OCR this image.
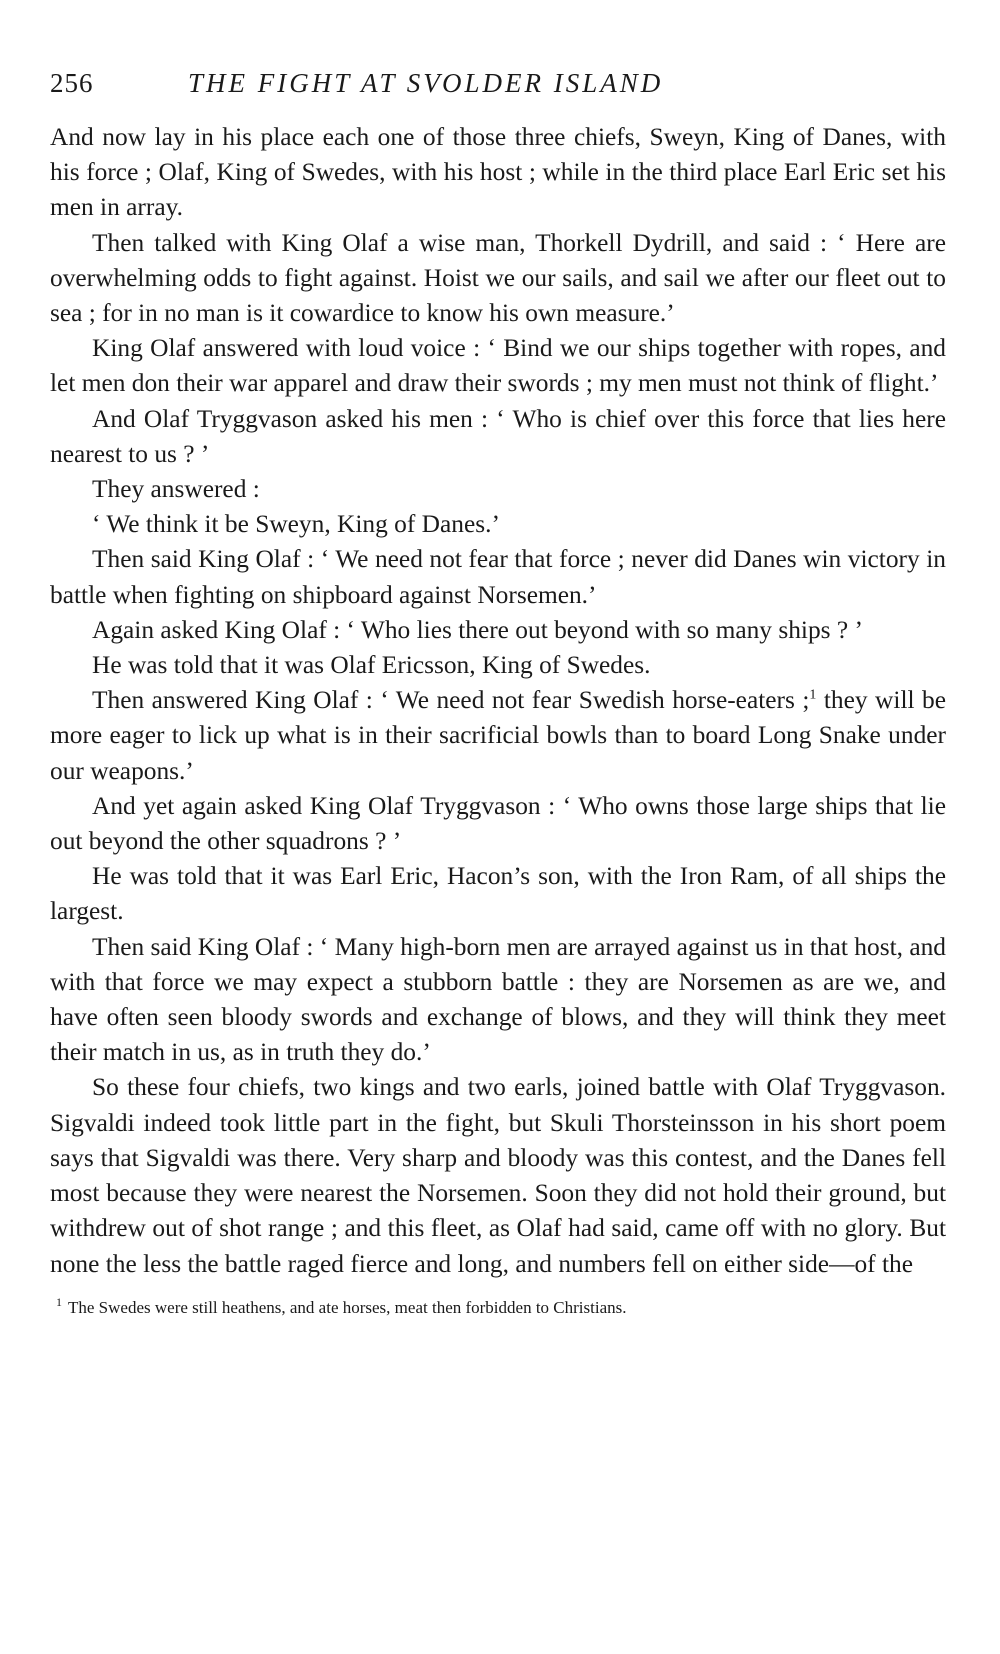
256	THE FIGHT AT SVOLDER ISLAND

And now lay in his place each one of those three chiefs, Sweyn, King of Danes, with his force ; Olaf, King of Swedes, with his host ; while in the third place Earl Eric set his men in array.

Then talked with King Olaf a wise man, Thorkell Dydrill, and said : ‘ Here are overwhelming odds to fight against. Hoist we our sails, and sail we after our fleet out to sea ; for in no man is it cowardice to know his own measure.’

King Olaf answered with loud voice : ‘ Bind we our ships together with ropes, and let men don their war apparel and draw their swords ; my men must not think of flight.’

And Olaf Tryggvason asked his men : ‘ Who is chief over this force that lies here nearest to us ? ’

They answered :

‘ We think it be Sweyn, King of Danes.’

Then said King Olaf : ‘ We need not fear that force ; never did Danes win victory in battle when fighting on shipboard against Norsemen.’

Again asked King Olaf : ‘ Who lies there out beyond with so many ships ? ’

He was told that it was Olaf Ericsson, King of Swedes.

Then answered King Olaf : ‘ We need not fear Swedish horse-eaters ;$^1$ they will be more eager to lick up what is in their sacrificial bowls than to board Long Snake under our weapons.’

And yet again asked King Olaf Tryggvason : ‘ Who owns those large ships that lie out beyond the other squadrons ? ’

He was told that it was Earl Eric, Hacon’s son, with the Iron Ram, of all ships the largest.

Then said King Olaf : ‘ Many high-born men are arrayed against us in that host, and with that force we may expect a stubborn battle : they are Norsemen as are we, and have often seen bloody swords and exchange of blows, and they will think they meet their match in us, as in truth they do.’

So these four chiefs, two kings and two earls, joined battle with Olaf Tryggvason. Sigvaldi indeed took little part in the fight, but Skuli Thorsteinsson in his short poem says that Sigvaldi was there. Very sharp and bloody was this contest, and the Danes fell most because they were nearest the Norsemen. Soon they did not hold their ground, but withdrew out of shot range ; and this fleet, as Olaf had said, came off with no glory. But none the less the battle raged fierce and long, and numbers fell on either side—of the

$^1$ The Swedes were still heathens, and ate horses, meat then forbidden to Christians.
